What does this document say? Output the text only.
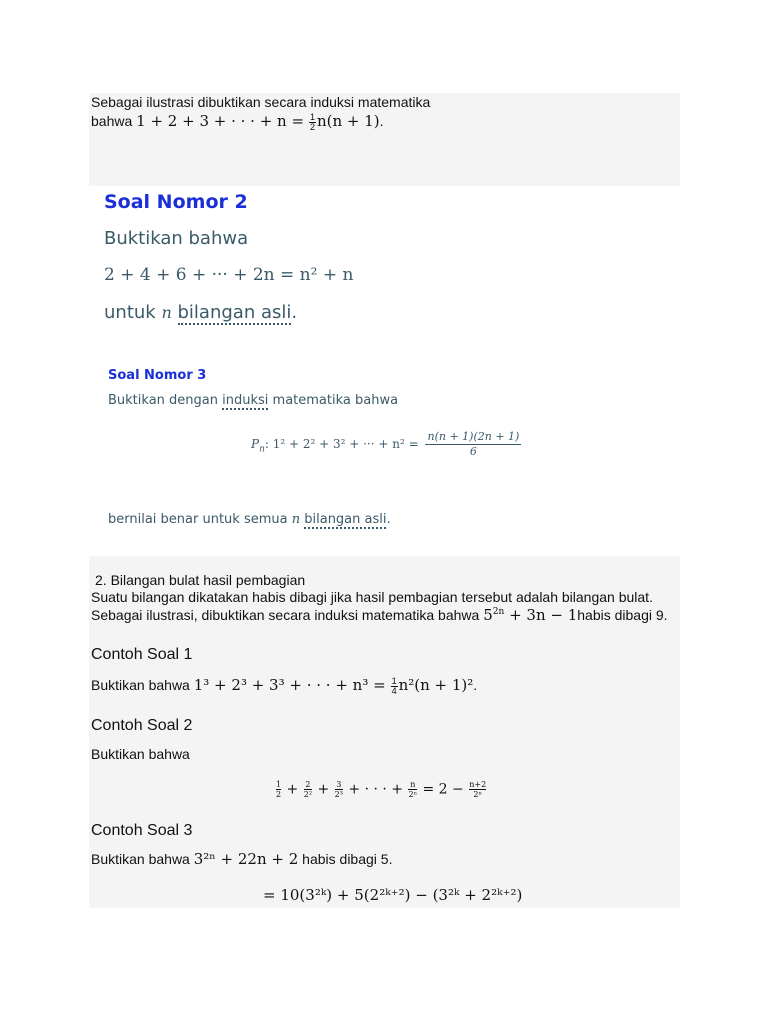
Sebagai ilustrasi dibuktikan secara induksi matematika
bahwa 1 + 2 + 3 + · · · + $n = \frac{1}{2} n(n + 1)$.
Soal Nomor 2
Buktikan bahwa
2 + 4 + 6 + ··· + 2n = n² + n
untuk n bilangan asli.
Soal Nomor 3
Buktikan dengan induksi matematika bahwa
$P_n$: 1² + 2² + 3² + ··· + $n^2 = \frac{n(n + 1)(2n + 1)}{6}$
bernilai benar untuk semua n bilangan asli.
2. Bilangan bulat hasil pembagian
Suatu bilangan dikatakan habis dibagi jika hasil pembagian tersebut adalah bilangan bulat.
Sebagai ilustrasi, dibuktikan secara induksi matematika bahwa $5^{2n} + 3n$ − 1habis dibagi 9.
Contoh Soal 1
Buktikan bahwa 1³ + 2³ + 3³ + · · · + $n^3 = \frac{1}{4} n^2(n + 1)^2$.
Contoh Soal 2
Buktikan bahwa
$\frac{1}{2} + \frac{2}{\text{2²}} + \frac{3}{\text{2³}}$ + · · · + $\frac{n}{\text{2ⁿ}} = 2 - \frac{n+2}{\text{2ⁿ}}$
Contoh Soal 3
Buktikan bahwa 3²ⁿ + 22n + 2 habis dibagi 5.
= 10(3²ᵏ) + 5(2²ᵏ⁺²) − (3²ᵏ + 2²ᵏ⁺²)
